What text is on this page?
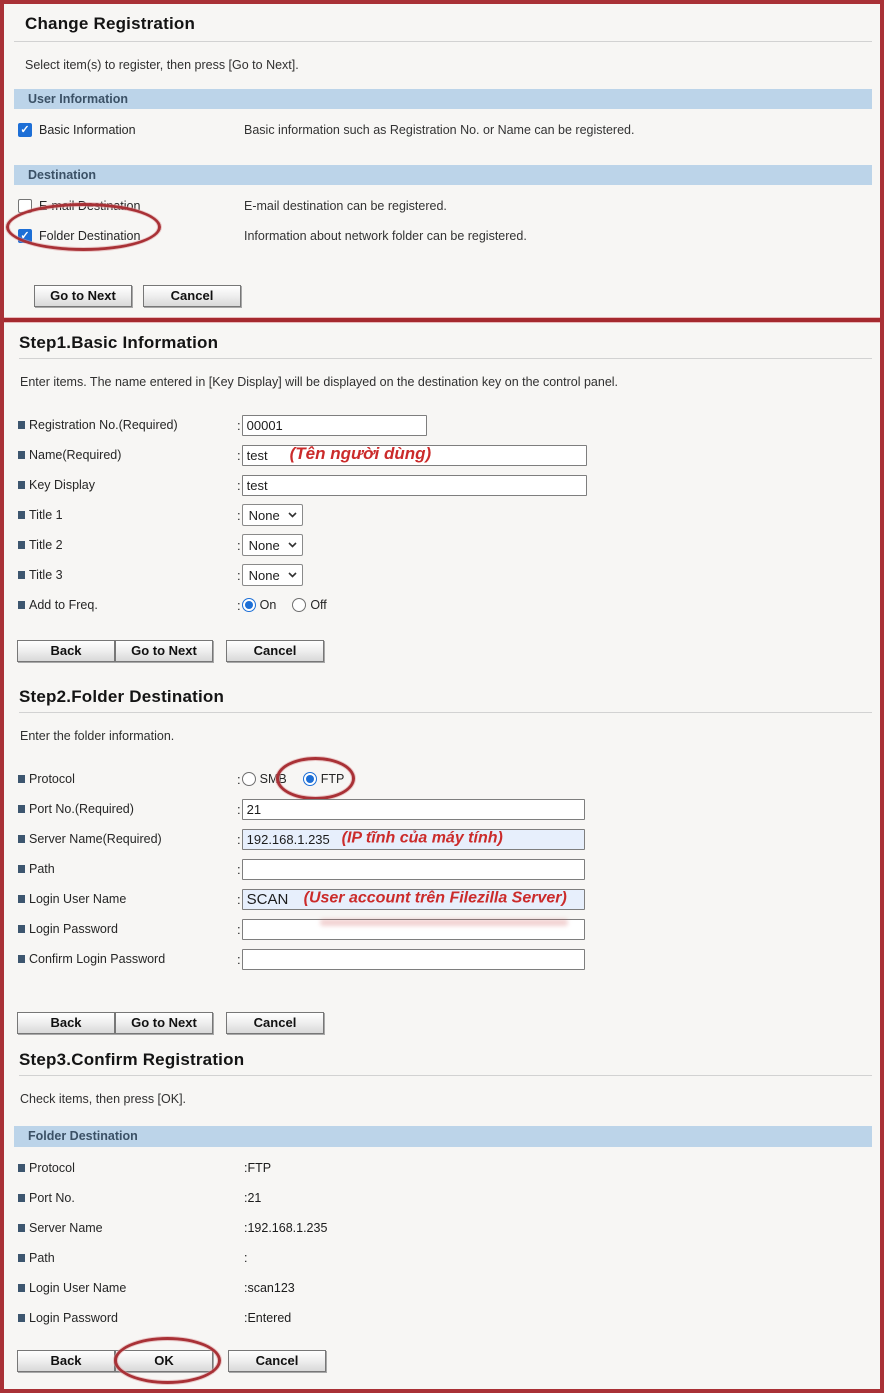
Change Registration
Select item(s) to register, then press [Go to Next].
User Information
✓
Basic Information	Basic information such as Registration No. or Name can be registered.
Destination
E-mail Destination	E-mail destination can be registered.
✓
Folder Destination	Information about network folder can be registered.
Go to Next	Cancel
Step1.Basic Information
Enter items. The name entered in [Key Display] will be displayed on the destination key on the control panel.
Registration No.(Required)	:
00001
Name(Required)	:
test	(Tên người dùng)
Key Display	:
test
Title 1	: None
Title 2	: None
Title 3	: None
Add to Freq.	: On	Off
Back	Go to Next	Cancel
Step2.Folder Destination
Enter the folder information.
Protocol	: SMB	FTP
Port No.(Required)	:
21
Server Name(Required)	:
192.168.1.235	(IP tĩnh của máy tính)
Path	:
Login User Name	:
SCAN	(User account trên Filezilla Server)
Login Password	:
Confirm Login Password	:
Back	Go to Next	Cancel
Step3.Confirm Registration
Check items, then press [OK].
Folder Destination
Protocol	:FTP
Port No.	:21
Server Name	:192.168.1.235
Path	:
Login User Name	:scan123
Login Password	:Entered
Back	OK	Cancel
